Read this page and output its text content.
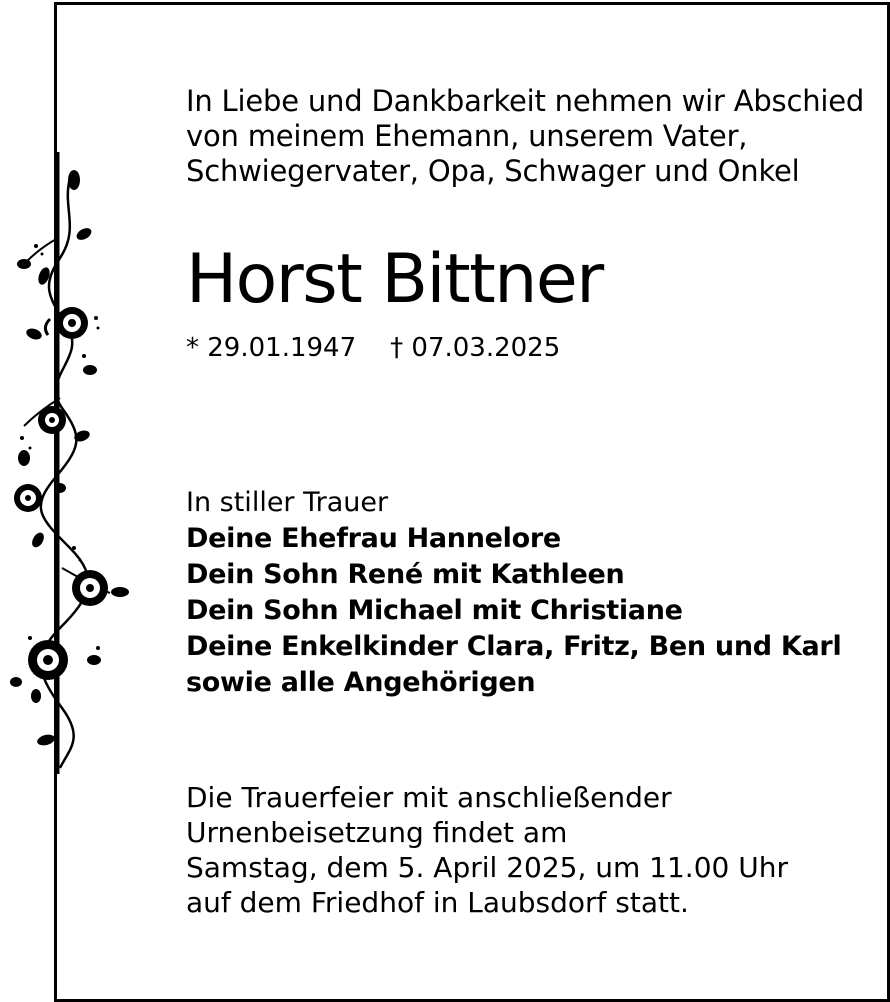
In Liebe und Dankbarkeit nehmen wir Abschied
von meinem Ehemann, unserem Vater,
Schwiegervater, Opa, Schwager und Onkel
Horst Bittner
* 29.01.1947 † 07.03.2025
In stiller Trauer
Deine Ehefrau Hannelore
Dein Sohn René mit Kathleen
Dein Sohn Michael mit Christiane
Deine Enkelkinder Clara, Fritz, Ben und Karl
sowie alle Angehörigen
Die Trauerfeier mit anschließender
Urnenbeisetzung findet am
Samstag, dem 5. April 2025, um 11.00 Uhr
auf dem Friedhof in Laubsdorf statt.
